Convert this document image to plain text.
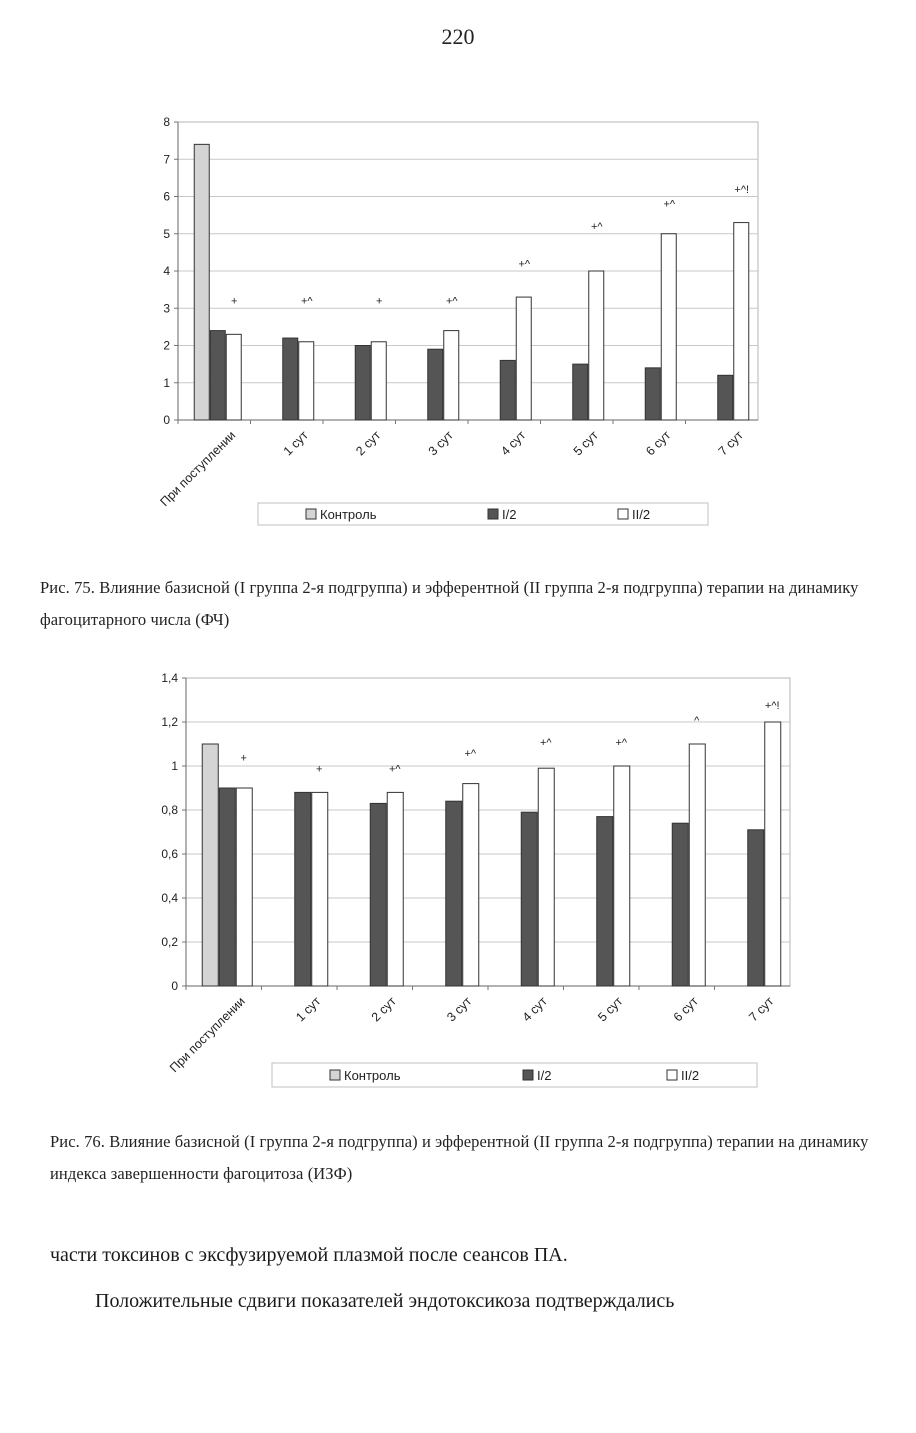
220
0
1
2
3
4
5
6
7
8
При поступлении	1 сут	2 сут	3 сут	4 сут	5 сут	6 сут	7 сут
+	+^	+	+^
+^
+^
+^
+^!
Контроль	I/2	II/2
Рис. 75. Влияние базисной (I группа 2-я подгруппа) и эфферентной (II группа 2-я подгруппа) терапии на динамику фагоцитарного числа (ФЧ)
0
0,2
0,4
0,6
0,8
1
1,2
1,4
При поступлении	1 сут	2 сут	3 сут	4 сут	5 сут	6 сут	7 сут
+
+	+^
+^
+^	+^
^
+^!
Контроль	I/2	II/2
Рис. 76. Влияние базисной (I группа 2-я подгруппа) и эфферентной (II группа 2-я подгруппа) терапии на динамику индекса завершенности фагоцитоза (ИЗФ)
части токсинов с эксфузируемой плазмой после сеансов ПА.
Положительные сдвиги показателей эндотоксикоза подтверждались
